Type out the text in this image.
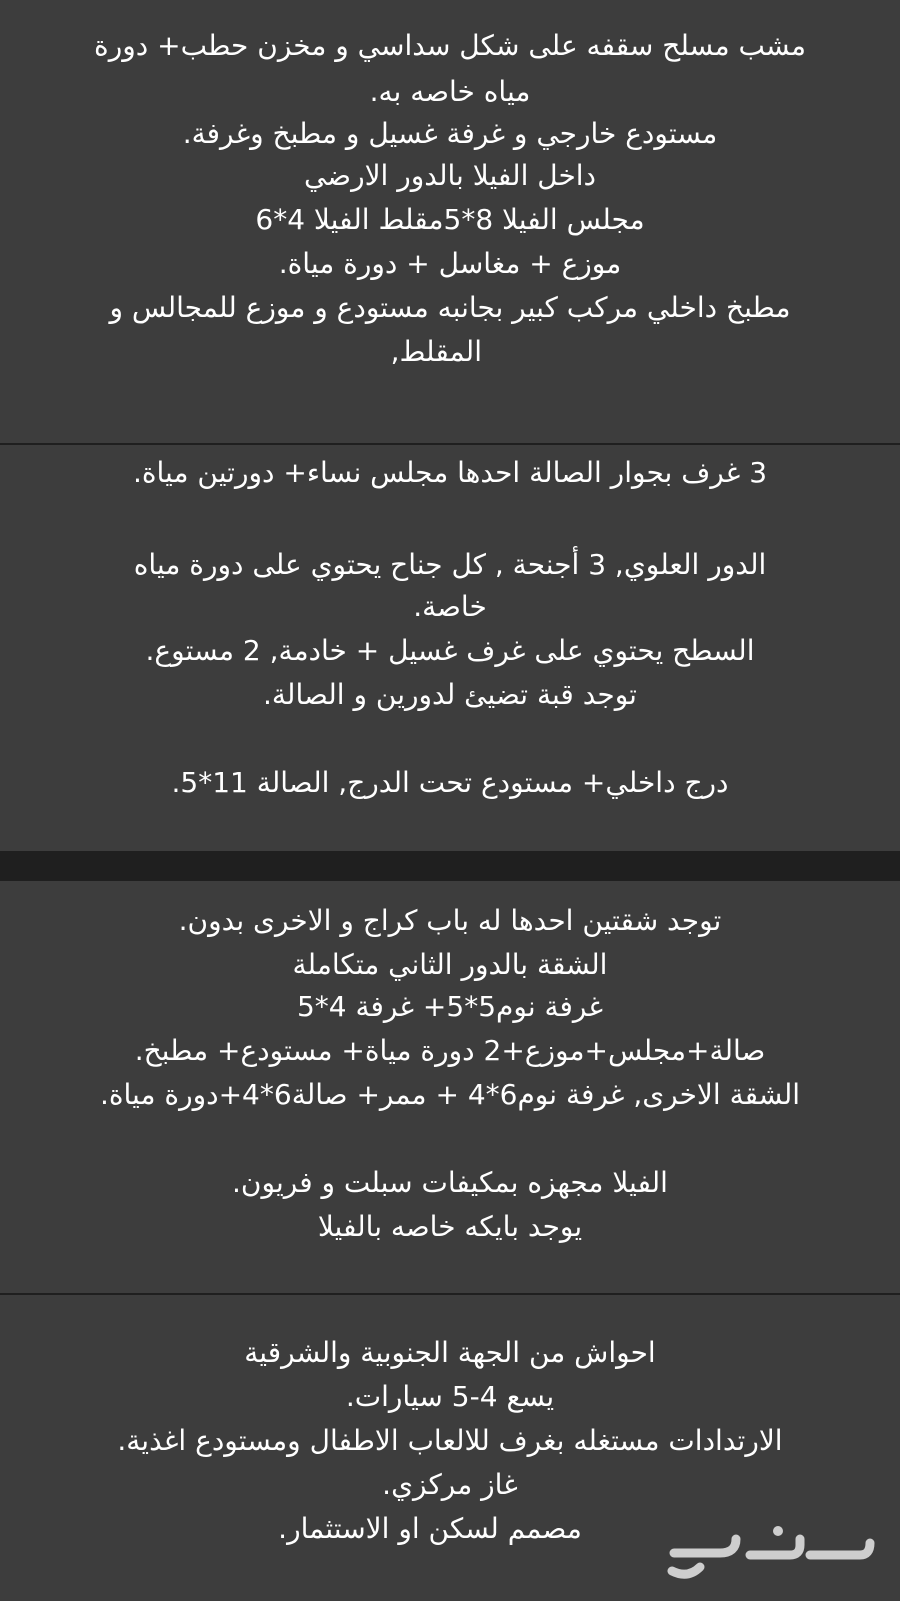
مشب مسلح سقفه على شكل سداسي و مخزن حطب+ دورة

مياه خاصه به.

مستودع خارجي و غرفة غسيل و مطبخ وغرفة.

داخل الفيلا بالدور الارضي

مجلس الفيلا 8*5مقلط الفيلا 4*6

موزع + مغاسل + دورة مياة.

مطبخ داخلي مركب كبير بجانبه مستودع و موزع للمجالس و

المقلط,

3 غرف بجوار الصالة احدها مجلس نساء+ دورتين مياة.

الدور العلوي, 3 أجنحة , كل جناح يحتوي على دورة مياه

خاصة.

السطح يحتوي على غرف غسيل + خادمة, 2 مستوع.

توجد قبة تضيئ لدورين و الصالة.

درج داخلي+ مستودع تحت الدرج, الصالة 11*5.

توجد شقتين احدها له باب كراج و الاخرى بدون.

الشقة بالدور الثاني متكاملة

غرفة نوم5*5+ غرفة 4*5

صالة+مجلس+موزع+2 دورة مياة+ مستودع+ مطبخ.

الشقة الاخرى, غرفة نوم6*4 + ممر+ صالة6*4+دورة مياة.

الفيلا مجهزه بمكيفات سبلت و فريون.

يوجد بايكه خاصه بالفيلا

احواش من الجهة الجنوبية والشرقية

يسع 4-5 سيارات.

الارتدادات مستغله بغرف للالعاب الاطفال ومستودع اغذية.

غاز مركزي.

مصمم لسكن او الاستثمار.
